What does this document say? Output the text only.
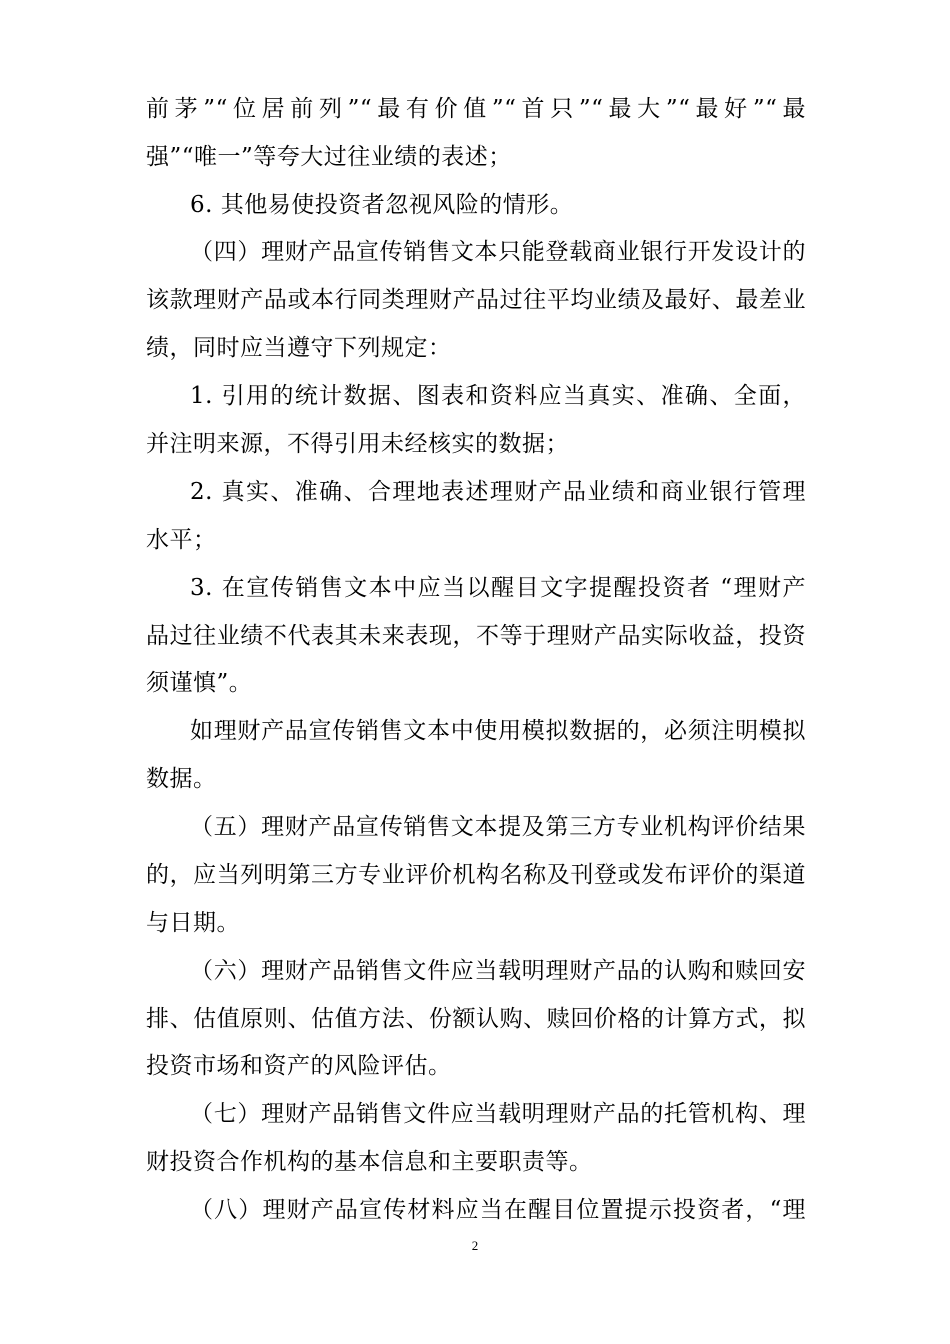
前茅”“位居前列”“最有价值”“首只”“最大”“最好”“最
强”“唯一”等夸大过往业绩的表述；
6. 其他易使投资者忽视风险的情形。
（四）理财产品宣传销售文本只能登载商业银行开发设计的
该款理财产品或本行同类理财产品过往平均业绩及最好、最差业
绩，同时应当遵守下列规定：
1. 引用的统计数据、图表和资料应当真实、准确、全面，
并注明来源，不得引用未经核实的数据；
2. 真实、准确、合理地表述理财产品业绩和商业银行管理
水平；
3. 在宣传销售文本中应当以醒目文字提醒投资者 “理财产
品过往业绩不代表其未来表现，不等于理财产品实际收益，投资
须谨慎”。
如理财产品宣传销售文本中使用模拟数据的，必须注明模拟
数据。
（五）理财产品宣传销售文本提及第三方专业机构评价结果
的，应当列明第三方专业评价机构名称及刊登或发布评价的渠道
与日期。
（六）理财产品销售文件应当载明理财产品的认购和赎回安
排、估值原则、估值方法、份额认购、赎回价格的计算方式，拟
投资市场和资产的风险评估。
（七）理财产品销售文件应当载明理财产品的托管机构、理
财投资合作机构的基本信息和主要职责等。
（八）理财产品宣传材料应当在醒目位置提示投资者，“理
2
